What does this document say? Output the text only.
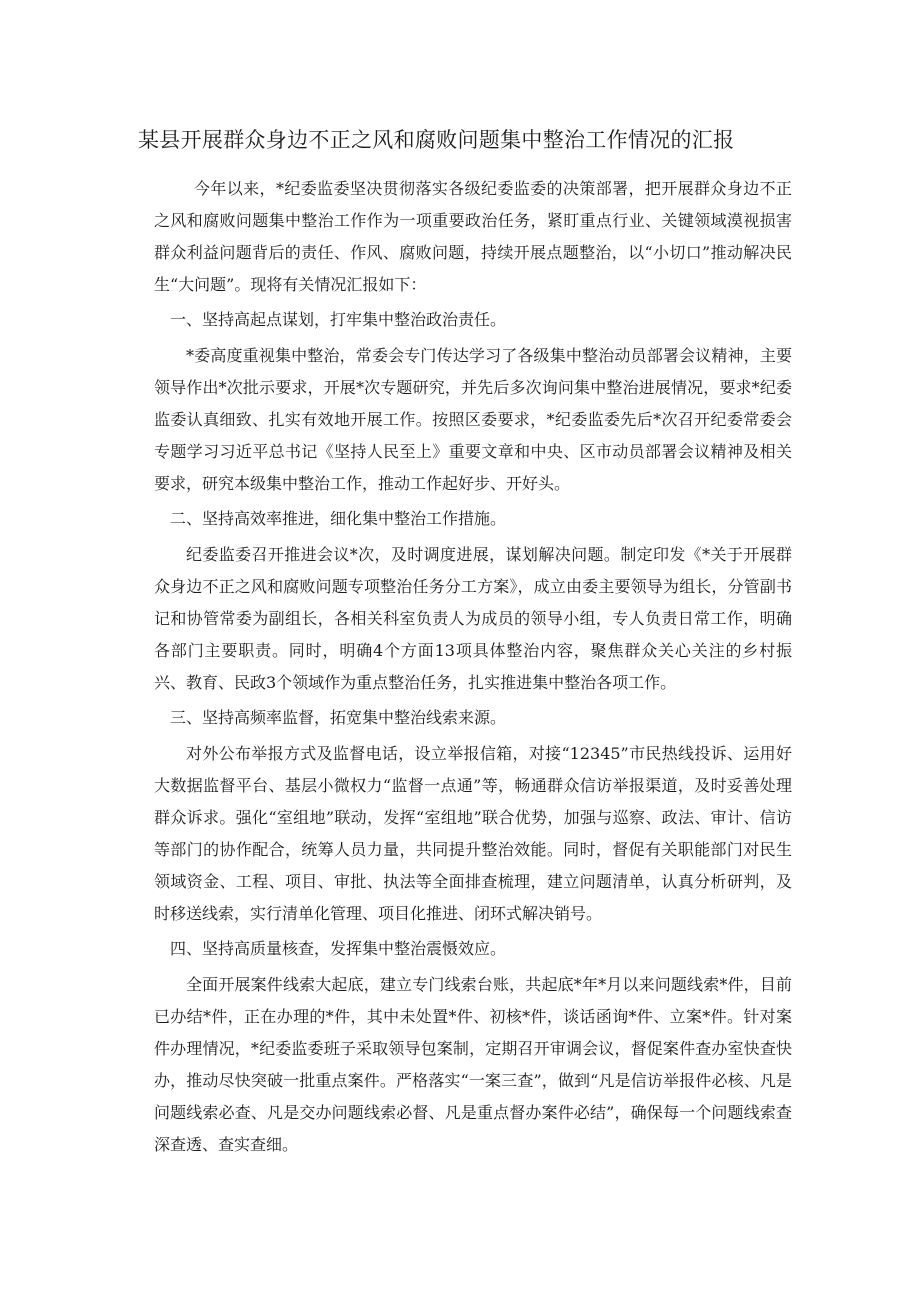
某县开展群众身边不正之风和腐败问题集中整治工作情况的汇报

今年以来，*纪委监委坚决贯彻落实各级纪委监委的决策部署，把开展群众身边不正之风和腐败问题集中整治工作作为一项重要政治任务，紧盯重点行业、关键领域漠视损害群众利益问题背后的责任、作风、腐败问题，持续开展点题整治，以“小切口”推动解决民生“大问题”。现将有关情况汇报如下：

一、坚持高起点谋划，打牢集中整治政治责任。

*委高度重视集中整治，常委会专门传达学习了各级集中整治动员部署会议精神，主要领导作出*次批示要求，开展*次专题研究，并先后多次询问集中整治进展情况，要求*纪委监委认真细致、扎实有效地开展工作。按照区委要求，*纪委监委先后*次召开纪委常委会专题学习习近平总书记《坚持人民至上》重要文章和中央、区市动员部署会议精神及相关要求，研究本级集中整治工作，推动工作起好步、开好头。

二、坚持高效率推进，细化集中整治工作措施。

纪委监委召开推进会议*次，及时调度进展，谋划解决问题。制定印发《*关于开展群众身边不正之风和腐败问题专项整治任务分工方案》，成立由委主要领导为组长，分管副书记和协管常委为副组长，各相关科室负责人为成员的领导小组，专人负责日常工作，明确各部门主要职责。同时，明确4个方面13项具体整治内容，聚焦群众关心关注的乡村振兴、教育、民政3个领域作为重点整治任务，扎实推进集中整治各项工作。

三、坚持高频率监督，拓宽集中整治线索来源。

对外公布举报方式及监督电话，设立举报信箱，对接“12345”市民热线投诉、运用好大数据监督平台、基层小微权力“监督一点通”等，畅通群众信访举报渠道，及时妥善处理群众诉求。强化“室组地”联动，发挥“室组地”联合优势，加强与巡察、政法、审计、信访等部门的协作配合，统筹人员力量，共同提升整治效能。同时，督促有关职能部门对民生领域资金、工程、项目、审批、执法等全面排查梳理，建立问题清单，认真分析研判，及时移送线索，实行清单化管理、项目化推进、闭环式解决销号。

四、坚持高质量核查，发挥集中整治震慑效应。

全面开展案件线索大起底，建立专门线索台账，共起底*年*月以来问题线索*件，目前已办结*件，正在办理的*件，其中未处置*件、初核*件，谈话函询*件、立案*件。针对案件办理情况，*纪委监委班子采取领导包案制，定期召开审调会议，督促案件查办室快查快办，推动尽快突破一批重点案件。严格落实“一案三查”，做到“凡是信访举报件必核、凡是问题线索必查、凡是交办问题线索必督、凡是重点督办案件必结”，确保每一个问题线索查深查透、查实查细。
